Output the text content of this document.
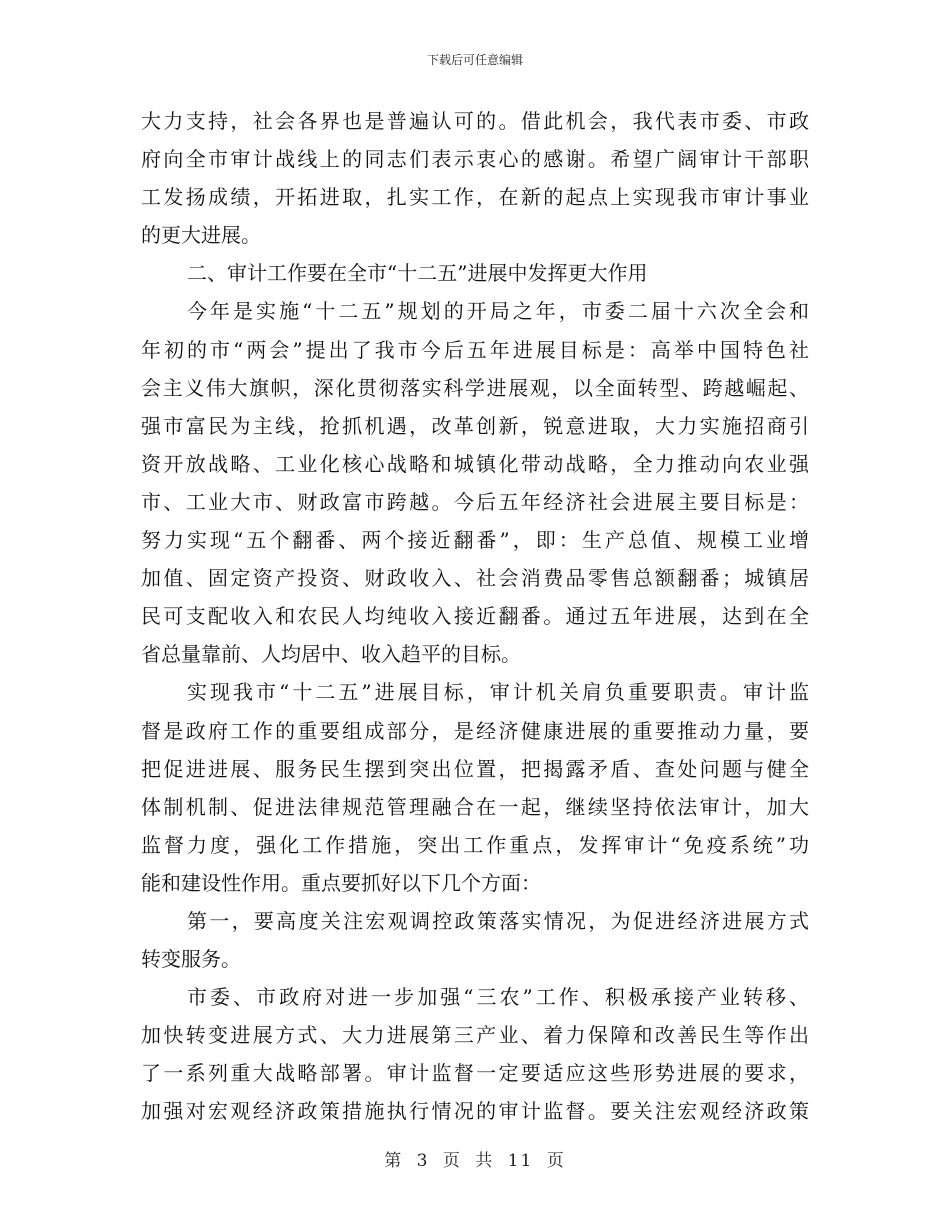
下载后可任意编辑
大力支持，社会各界也是普遍认可的。借此机会，我代表市委、市政
府向全市审计战线上的同志们表示衷心的感谢。希望广阔审计干部职
工发扬成绩，开拓进取，扎实工作，在新的起点上实现我市审计事业
的更大进展。
二、审计工作要在全市“十二五”进展中发挥更大作用
今年是实施“十二五”规划的开局之年，市委二届十六次全会和
年初的市“两会”提出了我市今后五年进展目标是：高举中国特色社
会主义伟大旗帜，深化贯彻落实科学进展观，以全面转型、跨越崛起、
强市富民为主线，抢抓机遇，改革创新，锐意进取，大力实施招商引
资开放战略、工业化核心战略和城镇化带动战略，全力推动向农业强
市、工业大市、财政富市跨越。今后五年经济社会进展主要目标是：
努力实现“五个翻番、两个接近翻番”，即：生产总值、规模工业增
加值、固定资产投资、财政收入、社会消费品零售总额翻番；城镇居
民可支配收入和农民人均纯收入接近翻番。通过五年进展，达到在全
省总量靠前、人均居中、收入趋平的目标。
实现我市“十二五”进展目标，审计机关肩负重要职责。审计监
督是政府工作的重要组成部分，是经济健康进展的重要推动力量，要
把促进进展、服务民生摆到突出位置，把揭露矛盾、查处问题与健全
体制机制、促进法律规范管理融合在一起，继续坚持依法审计，加大
监督力度，强化工作措施，突出工作重点，发挥审计“免疫系统”功
能和建设性作用。重点要抓好以下几个方面：
第一，要高度关注宏观调控政策落实情况，为促进经济进展方式
转变服务。
市委、市政府对进一步加强“三农”工作、积极承接产业转移、
加快转变进展方式、大力进展第三产业、着力保障和改善民生等作出
了一系列重大战略部署。审计监督一定要适应这些形势进展的要求，
加强对宏观经济政策措施执行情况的审计监督。要关注宏观经济政策
第 3 页 共 11 页
